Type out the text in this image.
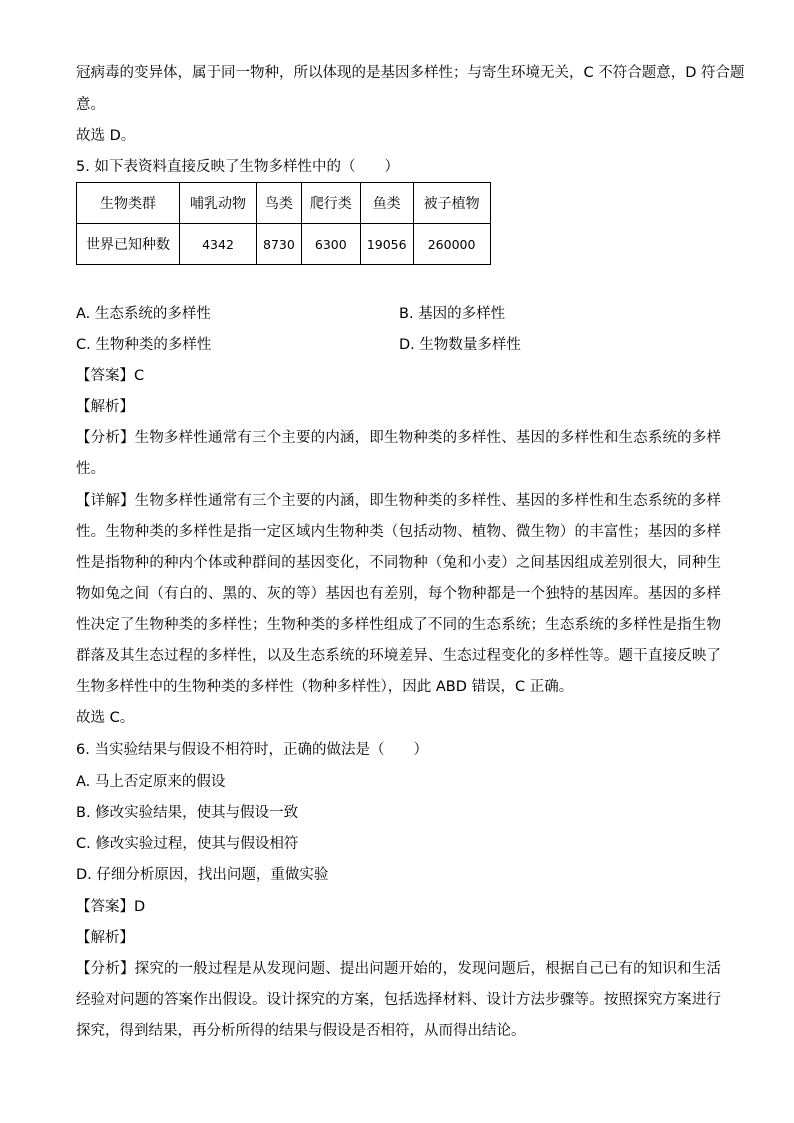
冠病毒的变异体，属于同一物种，所以体现的是基因多样性；与寄生环境无关，C 不符合题意，D 符合题
意。
故选 D。
5. 如下表资料直接反映了生物多样性中的（　　）
生物类群	哺乳动物	鸟类	爬行类	鱼类	被子植物
世界已知种数	4342	8730	6300	19056	260000
A. 生态系统的多样性	B. 基因的多样性
C. 生物种类的多样性	D. 生物数量多样性
【答案】C
【解析】
【分析】生物多样性通常有三个主要的内涵，即生物种类的多样性、基因的多样性和生态系统的多样性。
【详解】生物多样性通常有三个主要的内涵，即生物种类的多样性、基因的多样性和生态系统的多样性。生物种类的多样性是指一定区域内生物种类（包括动物、植物、微生物）的丰富性；基因的多样性是指物种的种内个体或种群间的基因变化，不同物种（兔和小麦）之间基因组成差别很大，同种生物如兔之间（有白的、黑的、灰的等）基因也有差别，每个物种都是一个独特的基因库。基因的多样性决定了生物种类的多样性；生物种类的多样性组成了不同的生态系统；生态系统的多样性是指生物群落及其生态过程的多样性，以及生态系统的环境差异、生态过程变化的多样性等。题干直接反映了生物多样性中的生物种类的多样性（物种多样性），因此 ABD 错误，C 正确。
故选 C。
6. 当实验结果与假设不相符时，正确的做法是（　　）
A. 马上否定原来的假设
B. 修改实验结果，使其与假设一致
C. 修改实验过程，使其与假设相符
D. 仔细分析原因，找出问题，重做实验
【答案】D
【解析】
【分析】探究的一般过程是从发现问题、提出问题开始的，发现问题后，根据自己已有的知识和生活经验对问题的答案作出假设。设计探究的方案，包括选择材料、设计方法步骤等。按照探究方案进行探究，得到结果，再分析所得的结果与假设是否相符，从而得出结论。
